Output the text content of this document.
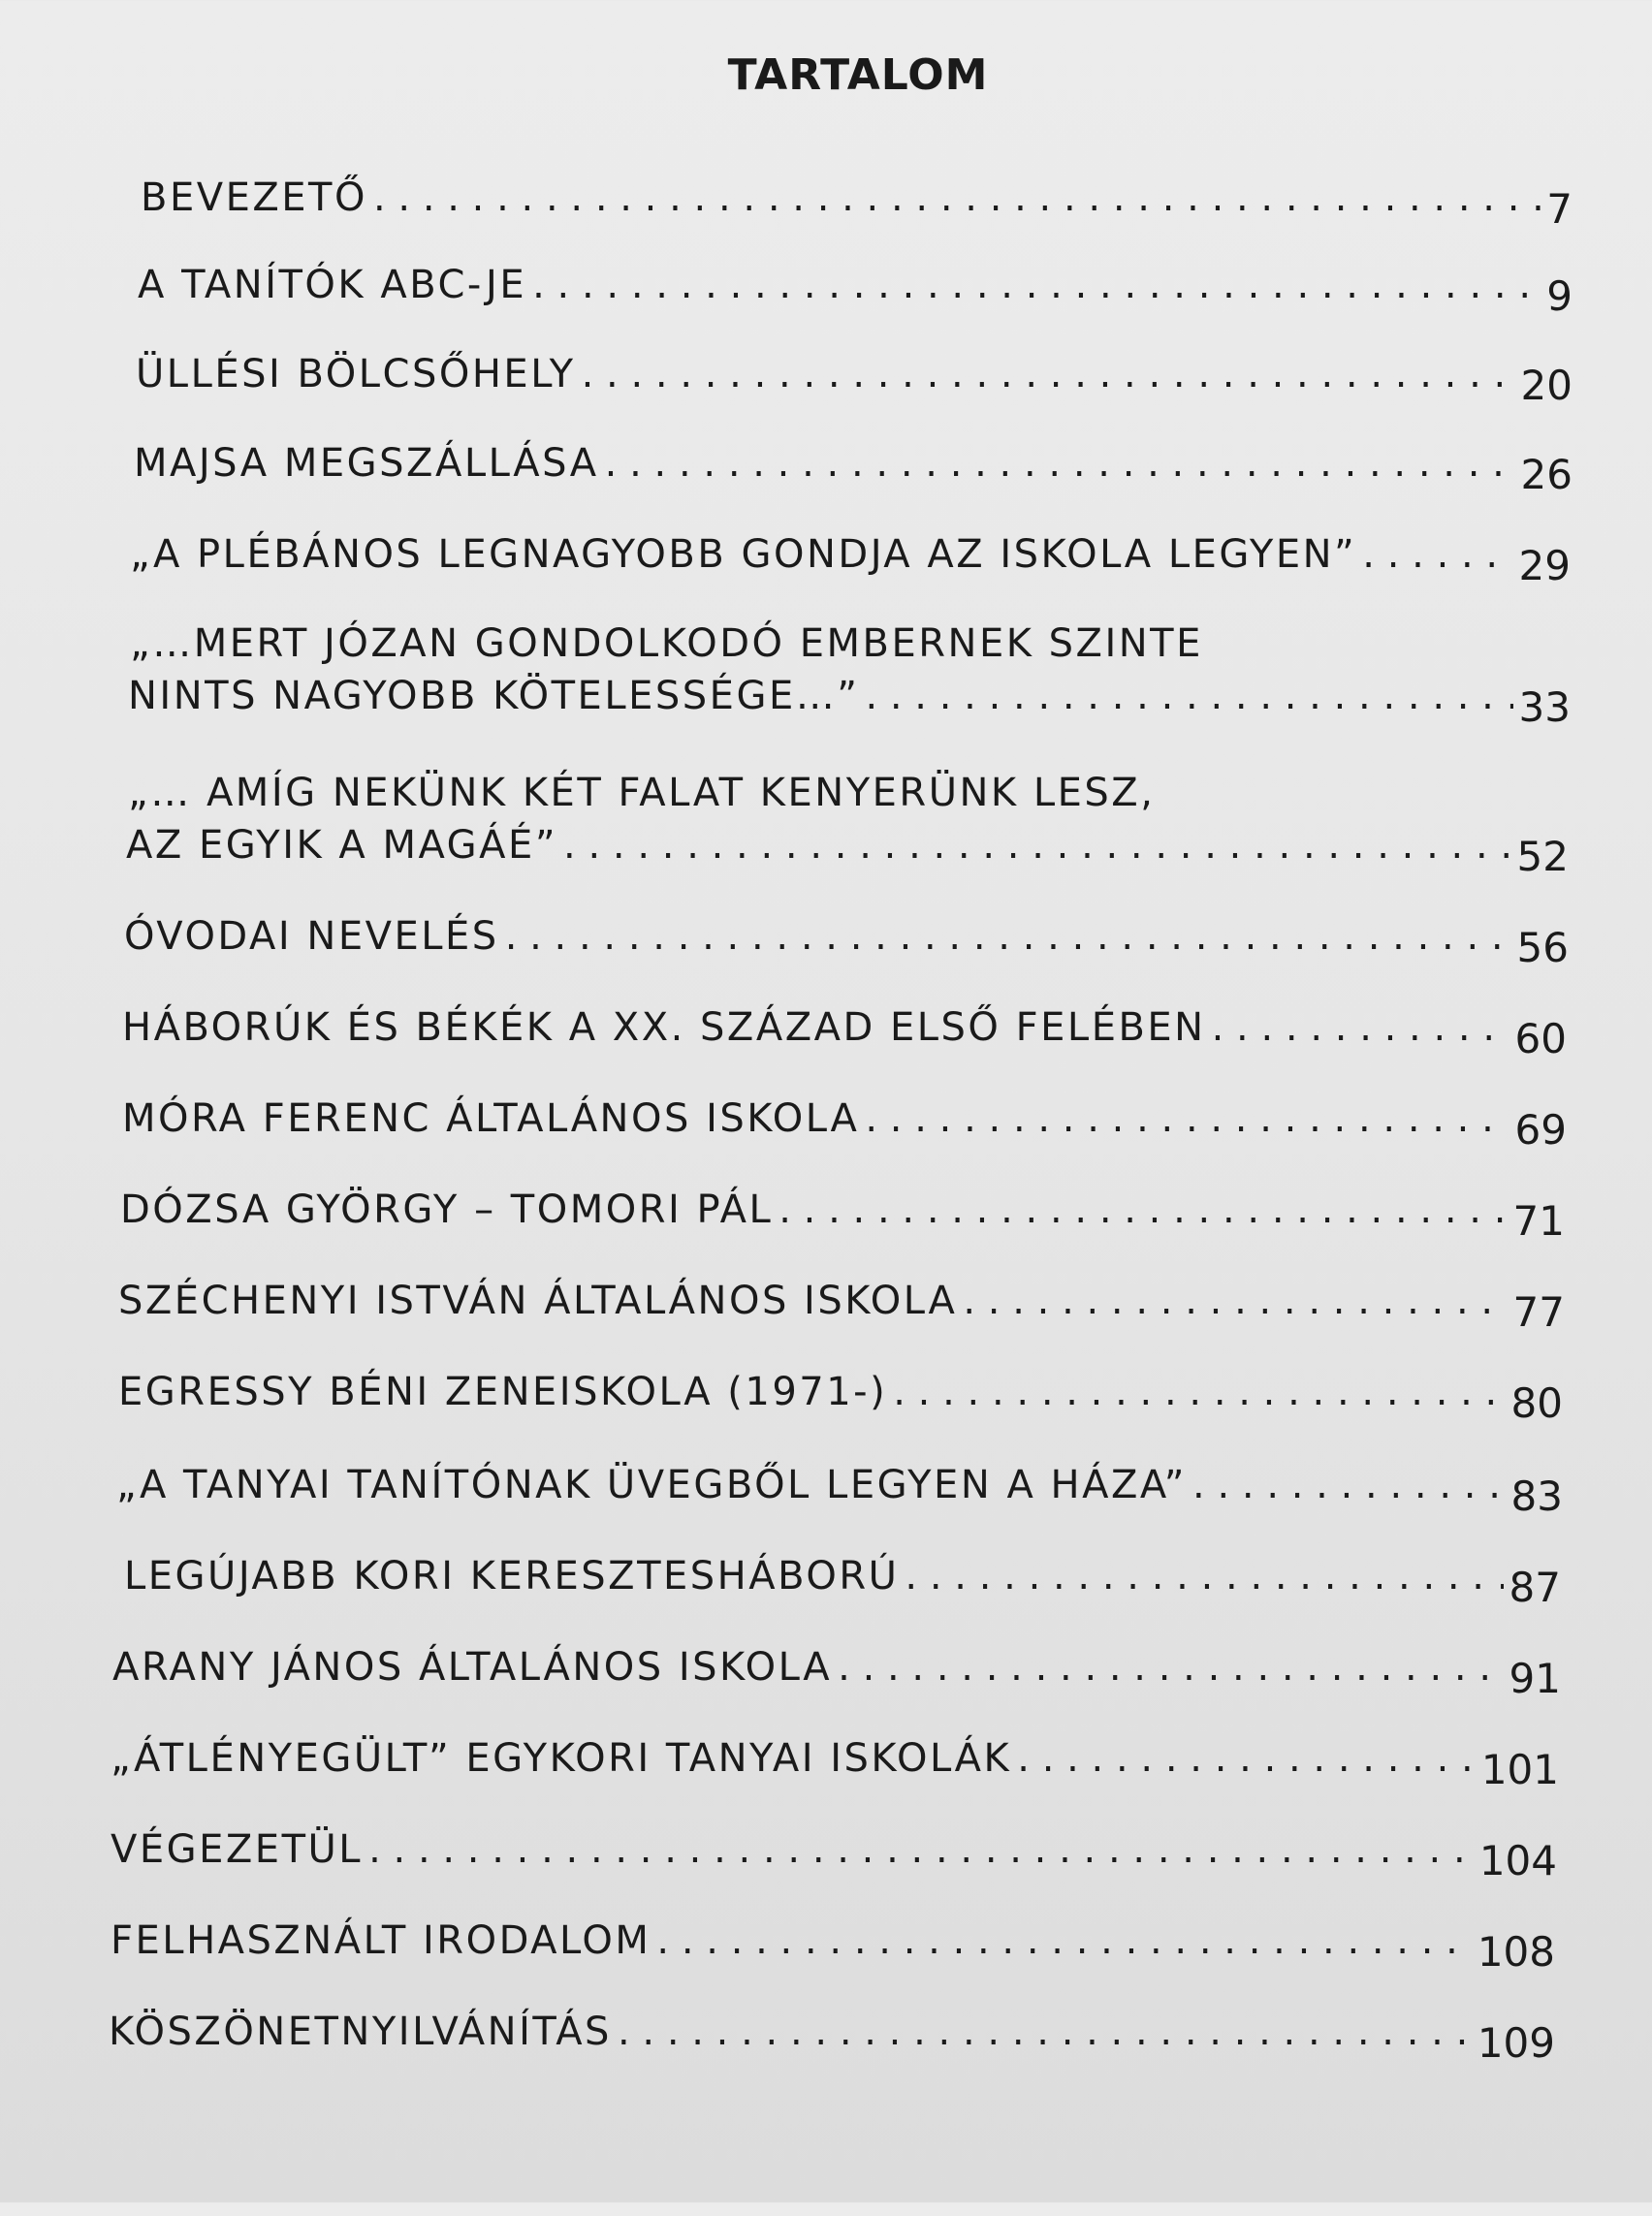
TARTALOM
BEVEZETŐ . . .	7
A TANÍTÓK ABC-JE . . .	9
ÜLLÉSI BÖLCSŐHELY . . .	20
MAJSA MEGSZÁLLÁSA . . .	26
„A PLÉBÁNOS LEGNAGYOBB GONDJA AZ ISKOLA LEGYEN” . . .	29
„…MERT JÓZAN GONDOLKODÓ EMBERNEK SZINTE
NINTS NAGYOBB KÖTELESSÉGE…” . . .	33
„… AMÍG NEKÜNK KÉT FALAT KENYERÜNK LESZ,
AZ EGYIK A MAGÁÉ” . . .	52
ÓVODAI NEVELÉS . . .	56
HÁBORÚK ÉS BÉKÉK A XX. SZÁZAD ELSŐ FELÉBEN . . .	60
MÓRA FERENC ÁLTALÁNOS ISKOLA . . .	69
DÓZSA GYÖRGY – TOMORI PÁL . . .	71
SZÉCHENYI ISTVÁN ÁLTALÁNOS ISKOLA . . .	77
EGRESSY BÉNI ZENEISKOLA (1971-) . . .	80
„A TANYAI TANÍTÓNAK ÜVEGBŐL LEGYEN A HÁZA” . . .	83
LEGÚJABB KORI KERESZTESHÁBORÚ . . .	87
ARANY JÁNOS ÁLTALÁNOS ISKOLA . . .	91
„ÁTLÉNYEGÜLT” EGYKORI TANYAI ISKOLÁK . . .	101
VÉGEZETÜL . . .	104
FELHASZNÁLT IRODALOM . . .	108
KÖSZÖNETNYILVÁNÍTÁS . . .	109
